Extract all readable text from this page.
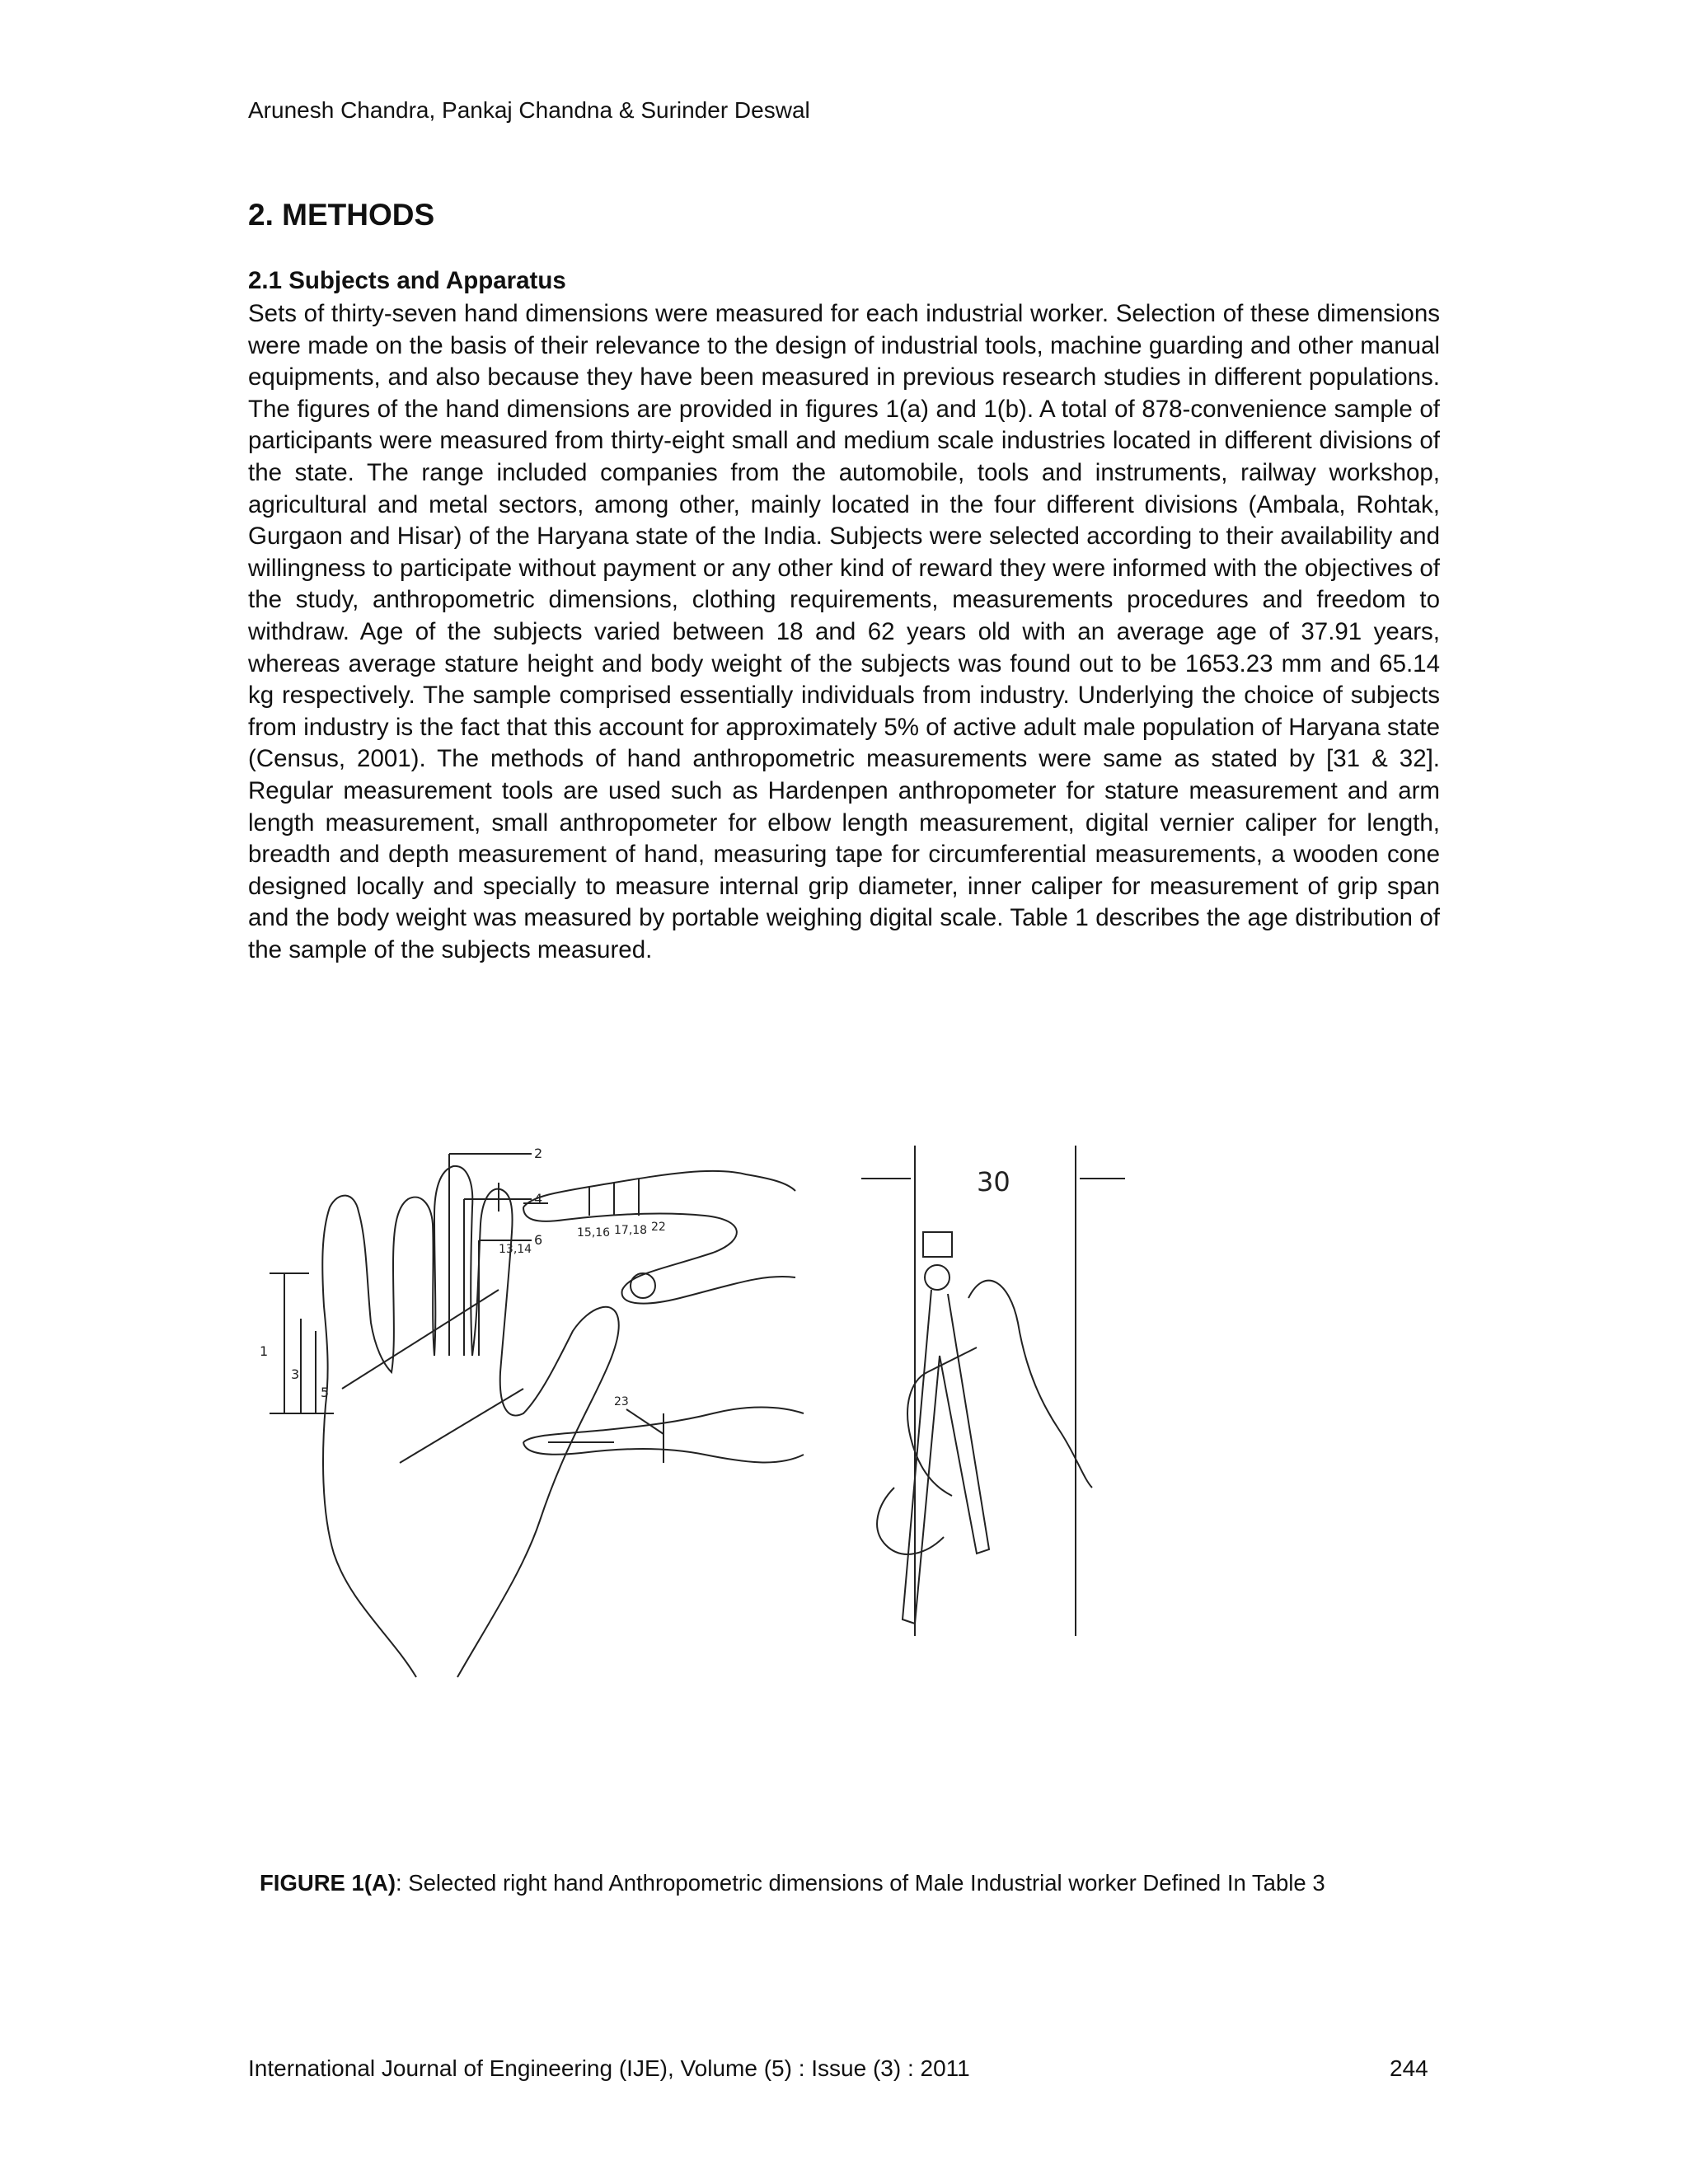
Arunesh Chandra, Pankaj Chandna & Surinder Deswal
2. METHODS
2.1 Subjects and Apparatus

Sets of thirty-seven hand dimensions were measured for each industrial worker. Selection of these dimensions were made on the basis of their relevance to the design of industrial tools, machine guarding and other manual equipments, and also because they have been measured in previous research studies in different populations. The figures of the hand dimensions are provided in figures 1(a) and 1(b). A total of 878-convenience sample of participants were measured from thirty-eight small and medium scale industries located in different divisions of the state. The range included companies from the automobile, tools and instruments, railway workshop, agricultural and metal sectors, among other, mainly located in the four different divisions (Ambala, Rohtak, Gurgaon and Hisar) of the Haryana state of the India. Subjects were selected according to their availability and willingness to participate without payment or any other kind of reward they were informed with the objectives of the study, anthropometric dimensions, clothing requirements, measurements procedures and freedom to withdraw. Age of the subjects varied between 18 and 62 years old with an average age of 37.91 years, whereas average stature height and body weight of the subjects was found out to be 1653.23 mm and 65.14 kg respectively. The sample comprised essentially individuals from industry. Underlying the choice of subjects from industry is the fact that this account for approximately 5% of active adult male population of Haryana state (Census, 2001). The methods of hand anthropometric measurements were same as stated by [31 & 32]. Regular measurement tools are used such as Hardenpen anthropometer for stature measurement and arm length measurement, small anthropometer for elbow length measurement, digital vernier caliper for length, breadth and depth measurement of hand, measuring tape for circumferential measurements, a wooden cone designed locally and specially to measure internal grip diameter, inner caliper for measurement of grip span and the body weight was measured by portable weighing digital scale. Table 1 describes the age distribution of the sample of the subjects measured.

1
2
3
4
5
6
13,14
15,16 17,18 22
23
30
FIGURE 1(A): Selected right hand Anthropometric dimensions of Male Industrial worker Defined In Table 3
International Journal of Engineering (IJE), Volume (5) : Issue (3) : 2011	244
